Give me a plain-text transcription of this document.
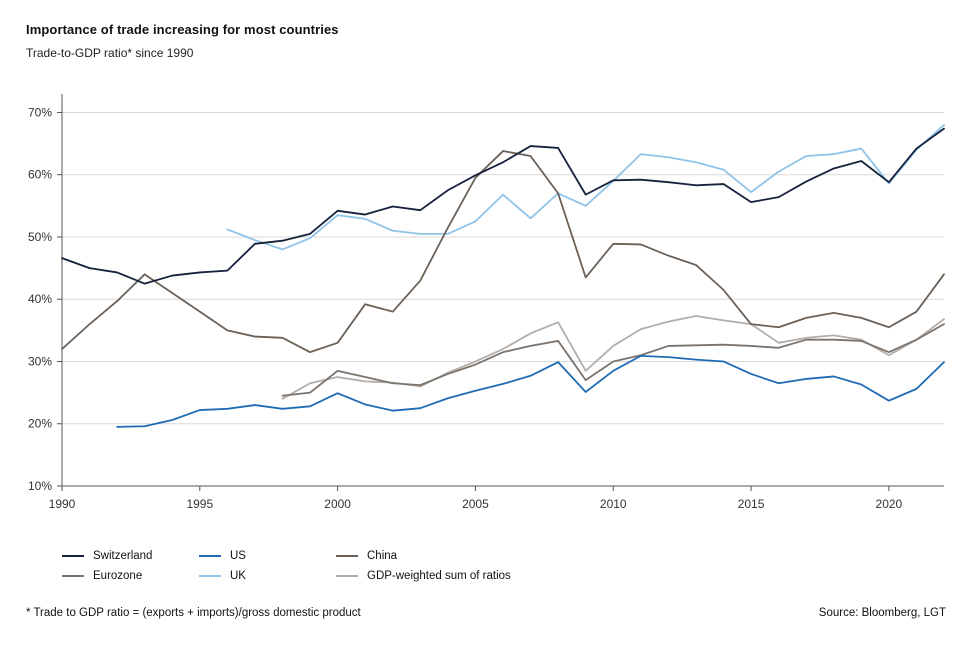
Importance of trade increasing for most countries
Trade-to-GDP ratio* since 1990
10%
20%
30%
40%
50%
60%
70%
1990	1995	2000	2005	2010	2015	2020
Switzerland	US	China
Eurozone	UK	GDP-weighted sum of ratios
* Trade to GDP ratio = (exports + imports)/gross domestic product	Source: Bloomberg, LGT
